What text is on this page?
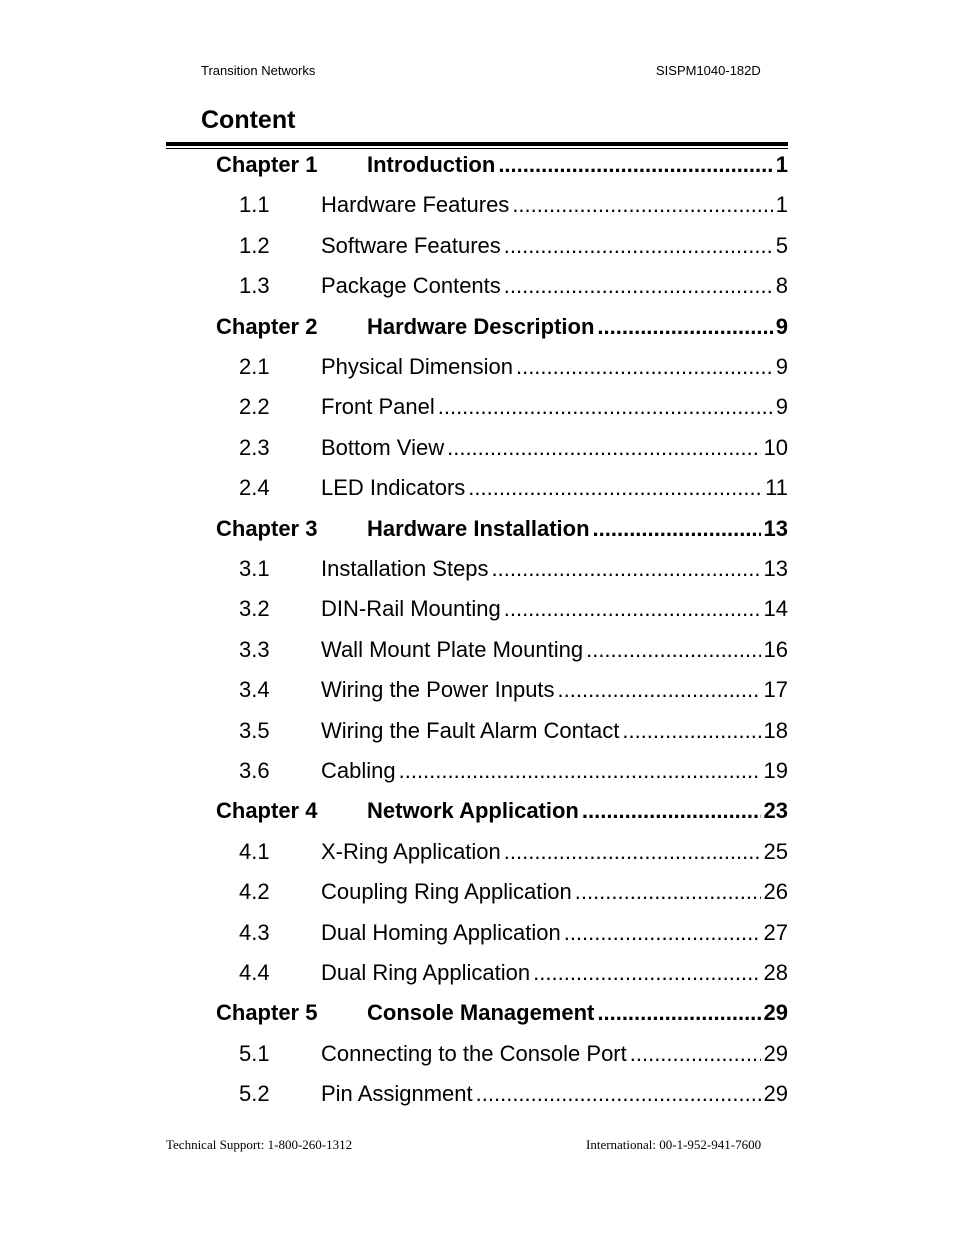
Transition Networks	SISPM1040-182D
Content
Chapter 1	Introduction .....	1
1.1	Hardware Features .....	1
1.2	Software Features .....	5
1.3	Package Contents .....	8
Chapter 2	Hardware Description .....	9
2.1	Physical Dimension .....	9
2.2	Front Panel .....	9
2.3	Bottom View .....	10
2.4	LED Indicators .....	11
Chapter 3	Hardware Installation .....	13
3.1	Installation Steps .....	13
3.2	DIN-Rail Mounting .....	14
3.3	Wall Mount Plate Mounting .....	16
3.4	Wiring the Power Inputs .....	17
3.5	Wiring the Fault Alarm Contact .....	18
3.6	Cabling .....	19
Chapter 4	Network Application .....	23
4.1	X-Ring Application .....	25
4.2	Coupling Ring Application .....	26
4.3	Dual Homing Application .....	27
4.4	Dual Ring Application .....	28
Chapter 5	Console Management .....	29
5.1	Connecting to the Console Port .....	29
5.2	Pin Assignment .....	29
Technical Support: 1-800-260-1312	International: 00-1-952-941-7600
